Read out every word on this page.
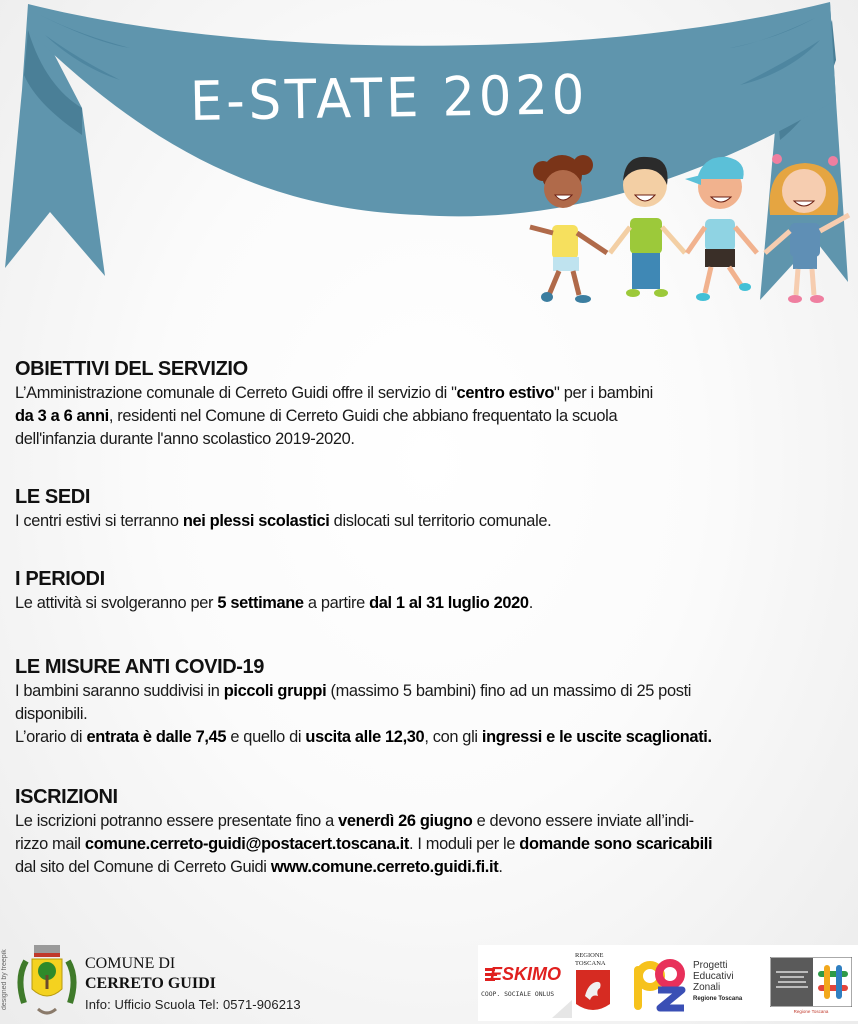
E-STATE 2020
OBIETTIVI DEL SERVIZIO
L’Amministrazione comunale di Cerreto Guidi offre il servizio di "centro estivo" per i bambini
da 3 a 6 anni, residenti nel Comune di Cerreto Guidi che abbiano frequentato la scuola
dell'infanzia durante l'anno scolastico 2019-2020.
LE SEDI
I centri estivi si terranno nei plessi scolastici dislocati sul territorio comunale.
I PERIODI
Le attività si svolgeranno per 5 settimane a partire dal 1 al 31 luglio 2020.
LE MISURE ANTI COVID-19
I bambini saranno suddivisi in piccoli gruppi (massimo 5 bambini) fino ad un massimo di 25 posti
disponibili.
L’orario di entrata è dalle 7,45 e quello di uscita alle 12,30, con gli ingressi e le uscite scaglionati.
ISCRIZIONI
Le iscrizioni potranno essere presentate fino a venerdì 26 giugno e devono essere inviate all’indi-
rizzo mail comune.cerreto-guidi@postacert.toscana.it. I moduli per le domande sono scaricabili
dal sito del Comune di Cerreto Guidi www.comune.cerreto.guidi.fi.it.
designed by freepik	COMUNE DI
CERRETO GUIDI
Info: Ufficio Scuola Tel: 0571-906213
ESKIMO
COOP. SOCIALE ONLUS
REGIONE
TOSCANA	Progetti
Educativi
Zonali
Regione Toscana
Regione Toscana
